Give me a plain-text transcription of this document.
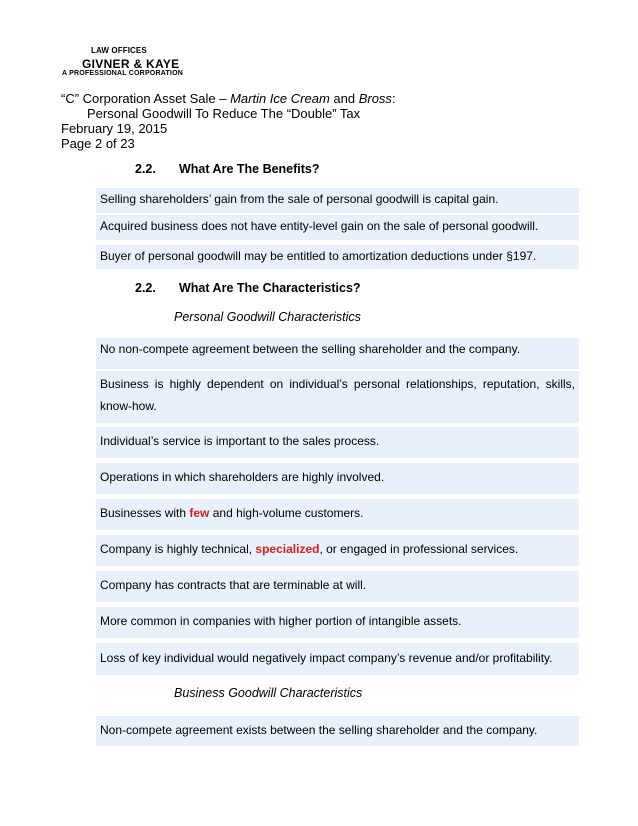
LAW OFFICES
GIVNER & KAYE
A PROFESSIONAL CORPORATION
“C” Corporation Asset Sale – Martin Ice Cream and Bross:
Personal Goodwill To Reduce The “Double” Tax
February 19, 2015
Page 2 of 23
2.2. What Are The Benefits?
Selling shareholders’ gain from the sale of personal goodwill is capital gain.
Acquired business does not have entity-level gain on the sale of personal goodwill.
Buyer of personal goodwill may be entitled to amortization deductions under §197.
2.2. What Are The Characteristics?
Personal Goodwill Characteristics
No non-compete agreement between the selling shareholder and the company.
Business is highly dependent on individual’s personal relationships, reputation, skills, know-how.
Individual’s service is important to the sales process.
Operations in which shareholders are highly involved.
Businesses with few and high-volume customers.
Company is highly technical, specialized, or engaged in professional services.
Company has contracts that are terminable at will.
More common in companies with higher portion of intangible assets.
Loss of key individual would negatively impact company’s revenue and/or profitability.
Business Goodwill Characteristics
Non-compete agreement exists between the selling shareholder and the company.
